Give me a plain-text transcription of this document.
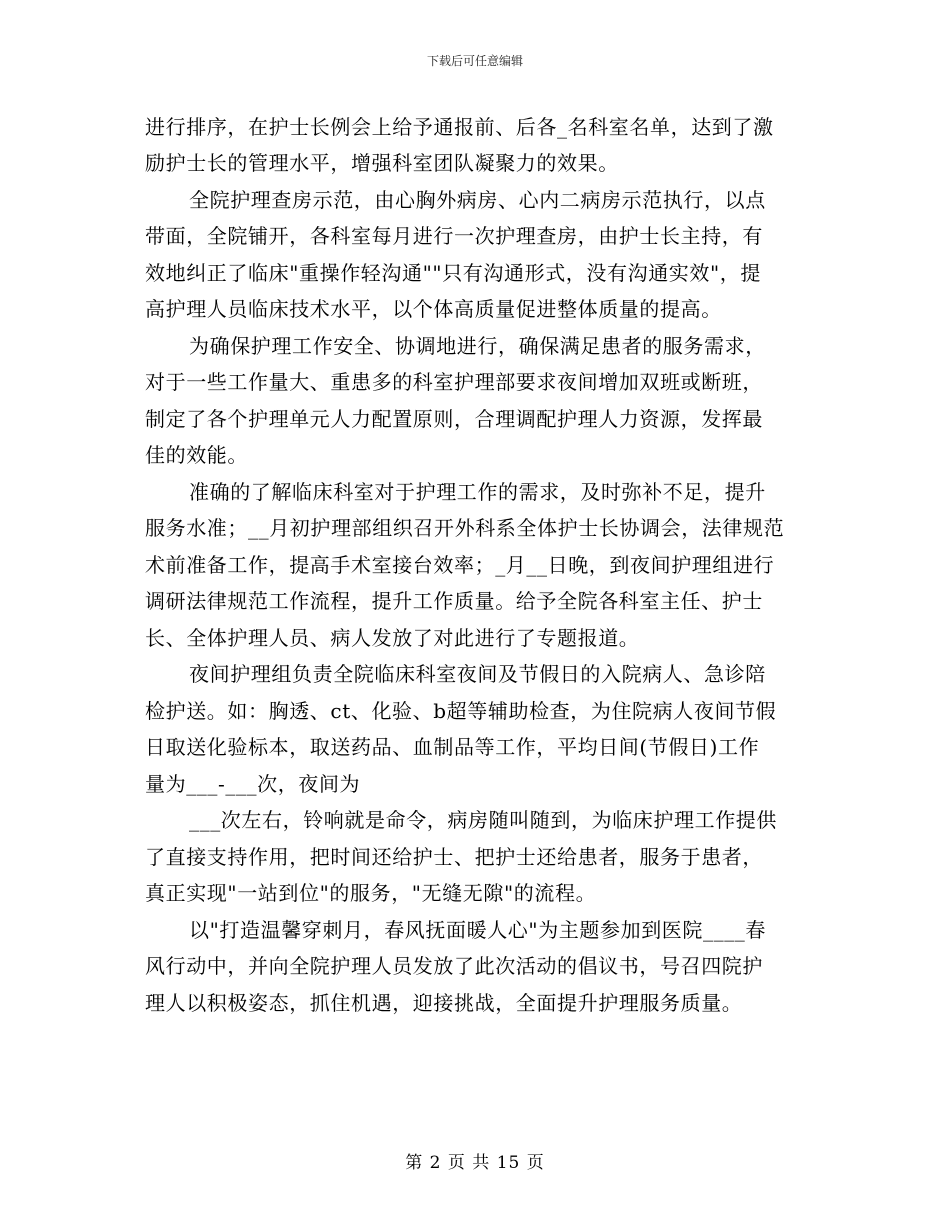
下载后可任意编辑
进行排序，在护士长例会上给予通报前、后各_名科室名单，达到了激
励护士长的管理水平，增强科室团队凝聚力的效果。
全院护理查房示范，由心胸外病房、心内二病房示范执行，以点
带面，全院铺开，各科室每月进行一次护理查房，由护士长主持，有
效地纠正了临床"重操作轻沟通""只有沟通形式，没有沟通实效"，提
高护理人员临床技术水平，以个体高质量促进整体质量的提高。
为确保护理工作安全、协调地进行，确保满足患者的服务需求，
对于一些工作量大、重患多的科室护理部要求夜间增加双班或断班，
制定了各个护理单元人力配置原则，合理调配护理人力资源，发挥最
佳的效能。
准确的了解临床科室对于护理工作的需求，及时弥补不足，提升
服务水准；__月初护理部组织召开外科系全体护士长协调会，法律规范
术前准备工作，提高手术室接台效率；_月__日晚，到夜间护理组进行
调研法律规范工作流程，提升工作质量。给予全院各科室主任、护士
长、全体护理人员、病人发放了对此进行了专题报道。
夜间护理组负责全院临床科室夜间及节假日的入院病人、急诊陪
检护送。如：胸透、ct、化验、b超等辅助检查，为住院病人夜间节假
日取送化验标本，取送药品、血制品等工作，平均日间(节假日)工作
量为___-___次，夜间为
___次左右，铃响就是命令，病房随叫随到，为临床护理工作提供
了直接支持作用，把时间还给护士、把护士还给患者，服务于患者，
真正实现"一站到位"的服务，"无缝无隙"的流程。
以"打造温馨穿刺月，春风抚面暖人心"为主题参加到医院____春
风行动中，并向全院护理人员发放了此次活动的倡议书，号召四院护
理人以积极姿态，抓住机遇，迎接挑战，全面提升护理服务质量。
第 2 页 共 15 页
